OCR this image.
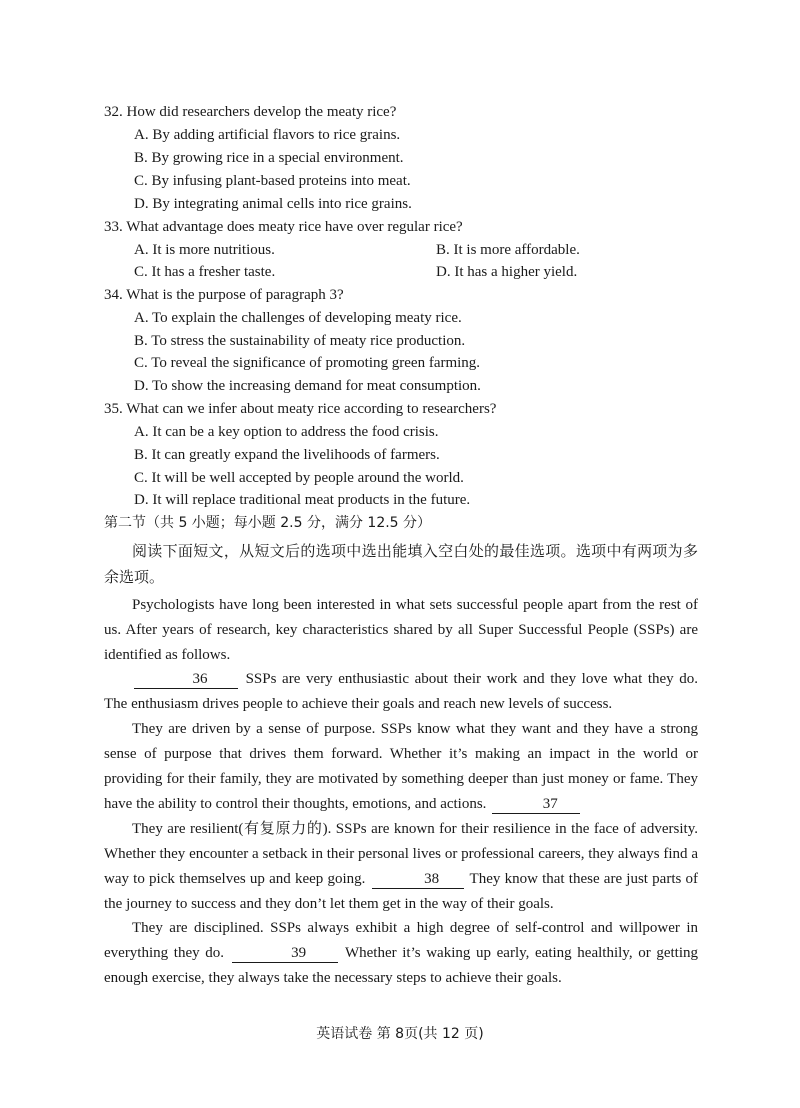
32. How did researchers develop the meaty rice?
A. By adding artificial flavors to rice grains.
B. By growing rice in a special environment.
C. By infusing plant-based proteins into meat.
D. By integrating animal cells into rice grains.
33. What advantage does meaty rice have over regular rice?
A. It is more nutritious.	B. It is more affordable.
C. It has a fresher taste.	D. It has a higher yield.
34. What is the purpose of paragraph 3?
A. To explain the challenges of developing meaty rice.
B. To stress the sustainability of meaty rice production.
C. To reveal the significance of promoting green farming.
D. To show the increasing demand for meat consumption.
35. What can we infer about meaty rice according to researchers?
A. It can be a key option to address the food crisis.
B. It can greatly expand the livelihoods of farmers.
C. It will be well accepted by people around the world.
D. It will replace traditional meat products in the future.
第二节（共 5 小题；每小题 2.5 分，满分 12.5 分）
阅读下面短文，从短文后的选项中选出能填入空白处的最佳选项。选项中有两项为多余选项。
Psychologists have long been interested in what sets successful people apart from the rest of us. After years of research, key characteristics shared by all Super Successful People (SSPs) are identified as follows.
36	SSPs are very enthusiastic about their work and they love what they do. The enthusiasm drives people to achieve their goals and reach new levels of success.
They are driven by a sense of purpose. SSPs know what they want and they have a strong sense of purpose that drives them forward. Whether it’s making an impact in the world or providing for their family, they are motivated by something deeper than just money or fame. They have the ability to control their thoughts, emotions, and actions.	37
They are resilient(有复原力的). SSPs are known for their resilience in the face of adversity. Whether they encounter a setback in their personal lives or professional careers, they always find a way to pick themselves up and keep going.	38 They know that these are just parts of the journey to success and they don’t let them get in the way of their goals.
They are disciplined. SSPs always exhibit a high degree of self-control and willpower in everything they do.	39	Whether it’s waking up early, eating healthily, or getting enough exercise, they always take the necessary steps to achieve their goals.
英语试卷 第 8页(共 12 页)
